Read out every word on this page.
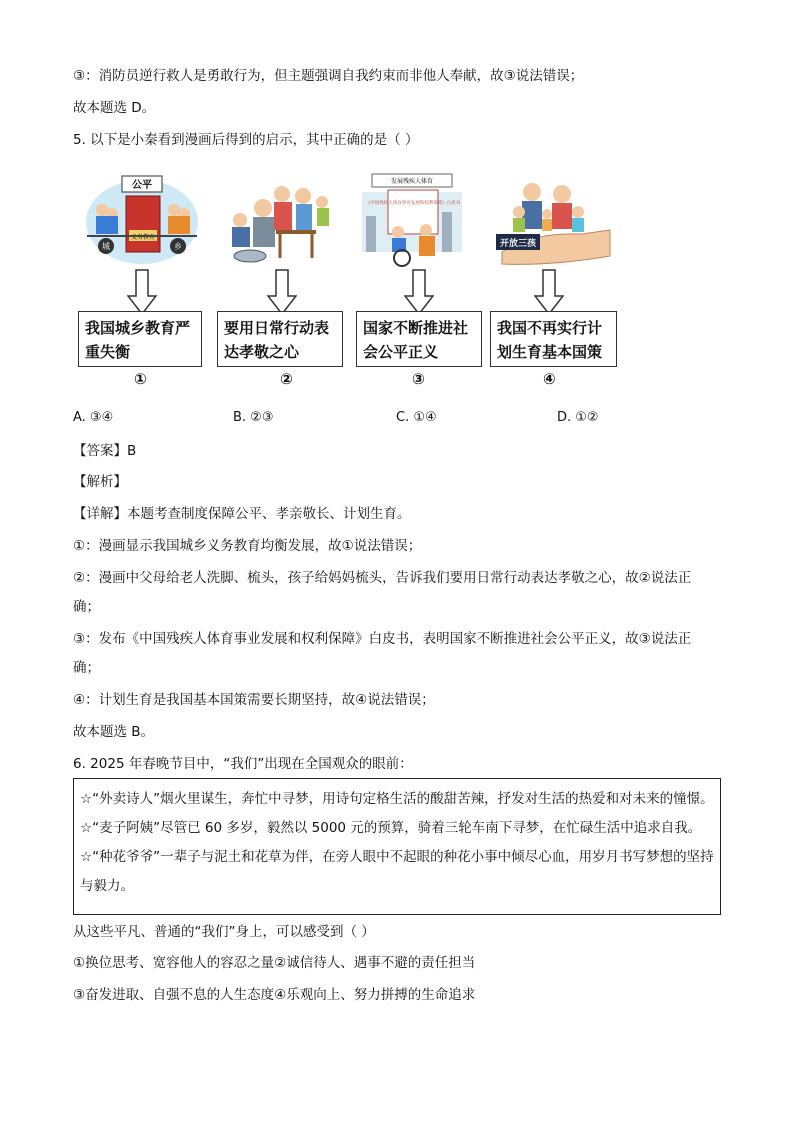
③：消防员逆行救人是勇敢行为，但主题强调自我约束而非他人奉献，故③说法错误；
故本题选 D。
5. 以下是小秦看到漫画后得到的启示，其中正确的是（ ）
公平
义务教育
城	乡
发展残疾人体育
《中国残疾人体育事业发展和权利保障》白皮书
开放三孩
我国城乡教育严重失衡
要用日常行动表达孝敬之心
国家不断推进社会公平正义
我国不再实行计划生育基本国策
①	②	③	④
A. ③④	B. ②③	C. ①④	D. ①②
【答案】B
【解析】
【详解】本题考查制度保障公平、孝亲敬长、计划生育。
①：漫画显示我国城乡义务教育均衡发展，故①说法错误；
②：漫画中父母给老人洗脚、梳头，孩子给妈妈梳头，告诉我们要用日常行动表达孝敬之心，故②说法正
确；
③：发布《中国残疾人体育事业发展和权利保障》白皮书，表明国家不断推进社会公平正义，故③说法正
确；
④：计划生育是我国基本国策需要长期坚持，故④说法错误；
故本题选 B。
6. 2025 年春晚节目中，“我们”出现在全国观众的眼前：

☆“外卖诗人”烟火里谋生，奔忙中寻梦，用诗句定格生活的酸甜苦辣，抒发对生活的热爱和对未来的憧憬。☆“麦子阿姨”尽管已 60 多岁，毅然以 5000 元的预算，骑着三轮车南下寻梦，在忙碌生活中追求自我。☆“种花爷爷”一辈子与泥土和花草为伴，在旁人眼中不起眼的种花小事中倾尽心血，用岁月书写梦想的坚持与毅力。

从这些平凡、普通的“我们”身上，可以感受到（ ）
①换位思考、宽容他人的容忍之量②诚信待人、遇事不避的责任担当
③奋发进取、自强不息的人生态度④乐观向上、努力拼搏的生命追求
